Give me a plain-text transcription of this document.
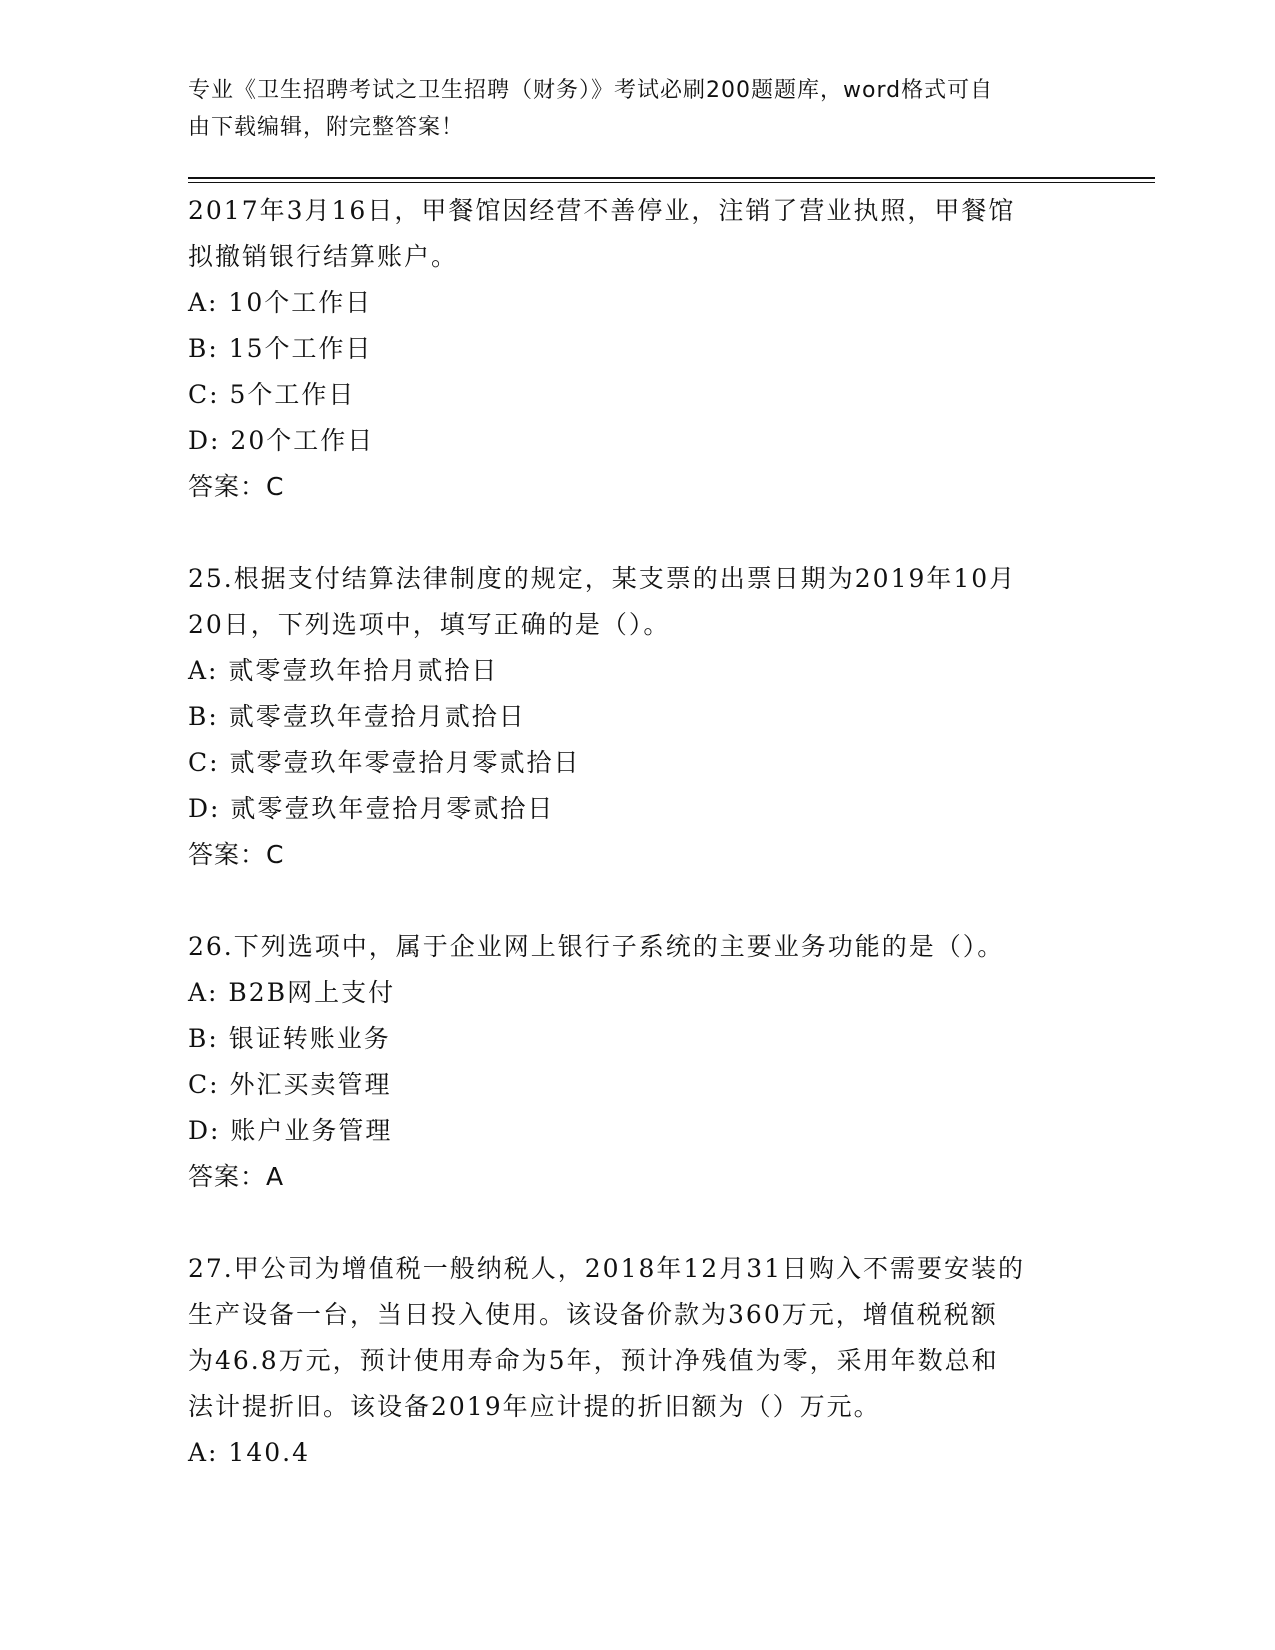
专业《卫生招聘考试之卫生招聘（财务）》考试必刷200题题库，word格式可自
由下载编辑，附完整答案！

2017年3月16日，甲餐馆因经营不善停业，注销了营业执照，甲餐馆

拟撤销银行结算账户。

A: 10个工作日

B: 15个工作日

C: 5个工作日

D: 20个工作日

答案：C

25.根据支付结算法律制度的规定，某支票的出票日期为2019年10月

20日，下列选项中，填写正确的是（）。

A: 贰零壹玖年拾月贰拾日

B: 贰零壹玖年壹拾月贰拾日

C: 贰零壹玖年零壹拾月零贰拾日

D: 贰零壹玖年壹拾月零贰拾日

答案：C

26.下列选项中，属于企业网上银行子系统的主要业务功能的是（）。

A: B2B网上支付

B: 银证转账业务

C: 外汇买卖管理

D: 账户业务管理

答案：A

27.甲公司为增值税一般纳税人，2018年12月31日购入不需要安装的

生产设备一台，当日投入使用。该设备价款为360万元，增值税税额

为46.8万元，预计使用寿命为5年，预计净残值为零，采用年数总和

法计提折旧。该设备2019年应计提的折旧额为（）万元。

A: 140.4
